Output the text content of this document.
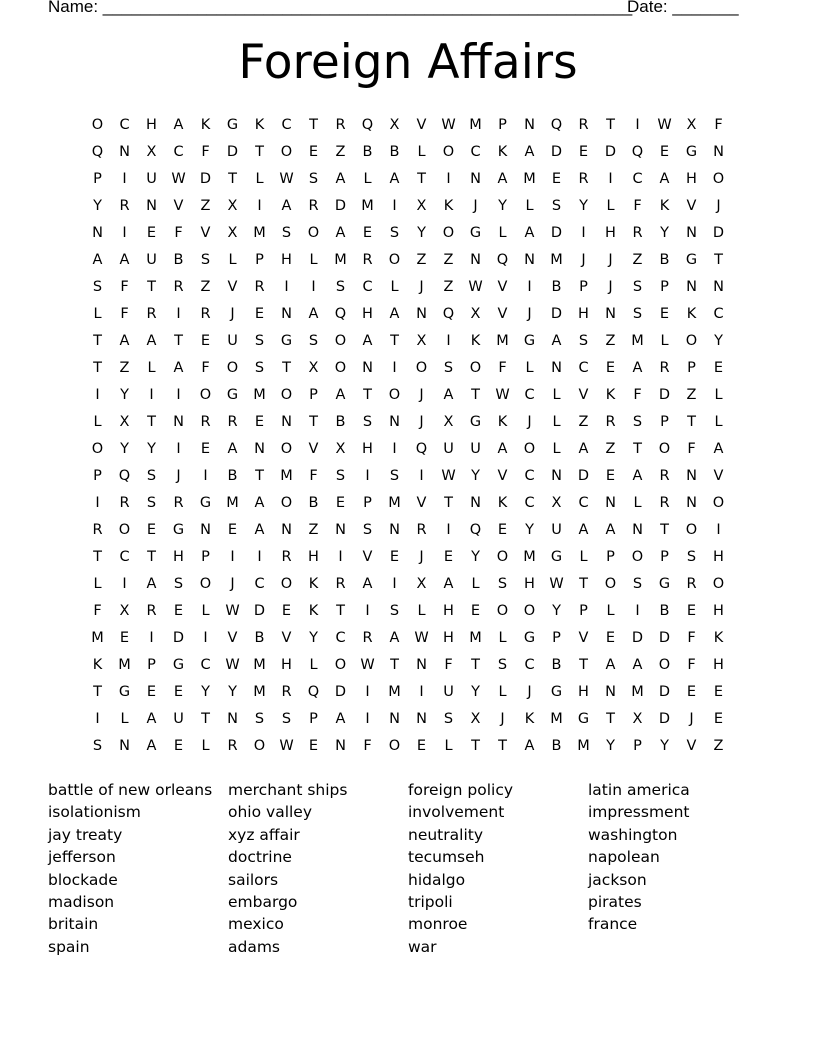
Name: ________________________________________________________

Date: _______

Foreign Affairs
O	C	H	A	K	G	K	C	T	R	Q	X	V	W M	P	N	Q	R	T	I	W	X	F
Q	N	X	C	F	D	T	O	E	Z	B	B	L	O	C	K	A	D	E	D	Q	E	G	N
P	I	U	W D	T	L	W	S	A	L	A	T	I	N	A	M	E	R	I	C	A	H	O
Y	R	N	V	Z	X	I	A	R	D	M	I	X	K	J	Y	L	S	Y	L	F	K	V	J
N	I	E	F	V	X	M	S	O	A	E	S	Y	O	G	L	A	D	I	H	R	Y	N	D
A	A	U	B	S	L	P	H	L	M	R	O	Z	Z	N	Q	N	M	J	J	Z	B	G	T
S	F	T	R	Z	V	R	I	I	S	C	L	J	Z	W	V	I	B	P	J	S	P	N	N
L	F	R	I	R	J	E	N	A	Q	H	A	N	Q	X	V	J	D	H	N	S	E	K	C
T	A	A	T	E	U	S	G	S	O	A	T	X	I	K	M	G	A	S	Z	M	L	O	Y
T	Z	L	A	F	O	S	T	X	O	N	I	O	S	O	F	L	N	C	E	A	R	P	E
I	Y	I	I	O	G	M	O	P	A	T	O	J	A	T	W	C	L	V	K	F	D	Z	L
L	X	T	N	R	R	E	N	T	B	S	N	J	X	G	K	J	L	Z	R	S	P	T	L
O	Y	Y	I	E	A	N	O	V	X	H	I	Q	U	U	A	O	L	A	Z	T	O	F	A
P	Q	S	J	I	B	T	M	F	S	I	S	I	W	Y	V	C	N	D	E	A	R	N	V
I	R	S	R	G	M	A	O	B	E	P	M	V	T	N	K	C	X	C	N	L	R	N	O
R	O	E	G	N	E	A	N	Z	N	S	N	R	I	Q	E	Y	U	A	A	N	T	O	I
T	C	T	H	P	I	I	R	H	I	V	E	J	E	Y	O	M	G	L	P	O	P	S	H
L	I	A	S	O	J	C	O	K	R	A	I	X	A	L	S	H W	T	O	S	G	R	O
F	X	R	E	L	W D	E	K	T	I	S	L	H	E	O	O	Y	P	L	I	B	E	H
M	E	I	D	I	V	B	V	Y	C	R	A	W H	M	L	G	P	V	E	D	D	F	K
K	M	P	G	C	W M	H	L	O W	T	N	F	T	S	C	B	T	A	A	O	F	H
T	G	E	E	Y	Y	M	R	Q	D	I	M	I	U	Y	L	J	G	H	N	M	D	E	E
I	L	A	U	T	N	S	S	P	A	I	N	N	S	X	J	K	M	G	T	X	D	J	E
S	N	A	E	L	R	O W	E	N	F	O	E	L	T	T	A	B	M	Y	P	Y	V	Z
battle of new orleans
isolationism
jay treaty
jefferson
blockade
madison
britain
spain
merchant ships
ohio valley
xyz affair
doctrine
sailors
embargo
mexico
adams
foreign policy
involvement
neutrality
tecumseh
hidalgo
tripoli
monroe
war
latin america
impressment
washington
napolean
jackson
pirates
france
